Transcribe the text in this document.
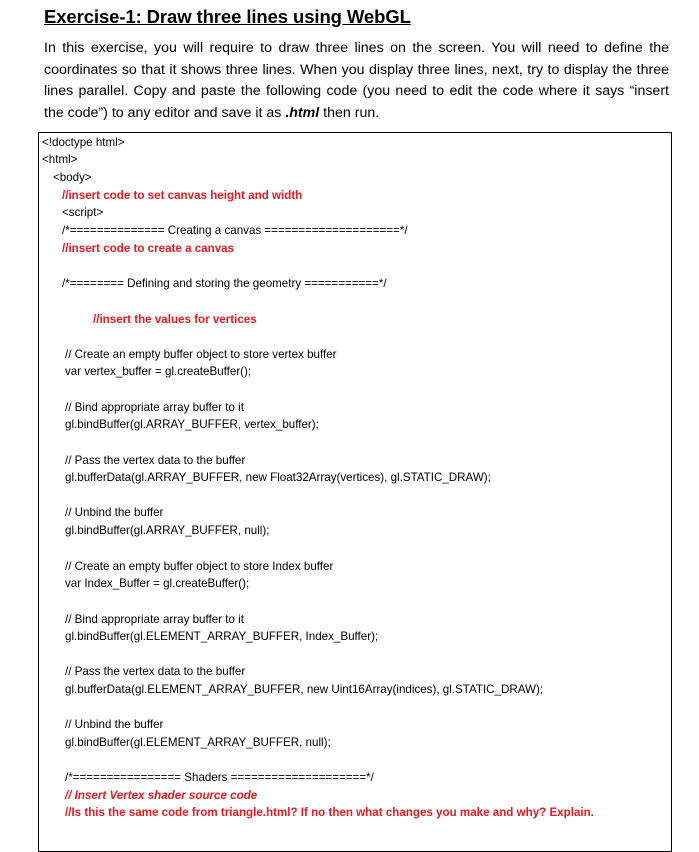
Exercise-1: Draw three lines using WebGL

In this exercise, you will require to draw three lines on the screen. You will need to define the coordinates so that it shows three lines. When you display three lines, next, try to display the three lines parallel. Copy and paste the following code (you need to edit the code where it says “insert the code”) to any editor and save it as .html then run.

<!doctype html>
<html>
<body>
//insert code to set canvas height and width
<script>
/*============== Creating a canvas ====================*/
//insert code to create a canvas
/*======== Defining and storing the geometry ===========*/
//insert the values for vertices
// Create an empty buffer object to store vertex buffer
var vertex_buffer = gl.createBuffer();
// Bind appropriate array buffer to it
gl.bindBuffer(gl.ARRAY_BUFFER, vertex_buffer);
// Pass the vertex data to the buffer
gl.bufferData(gl.ARRAY_BUFFER, new Float32Array(vertices), gl.STATIC_DRAW);
// Unbind the buffer
gl.bindBuffer(gl.ARRAY_BUFFER, null);
// Create an empty buffer object to store Index buffer
var Index_Buffer = gl.createBuffer();
// Bind appropriate array buffer to it
gl.bindBuffer(gl.ELEMENT_ARRAY_BUFFER, Index_Buffer);
// Pass the vertex data to the buffer
gl.bufferData(gl.ELEMENT_ARRAY_BUFFER, new Uint16Array(indices), gl.STATIC_DRAW);
// Unbind the buffer
gl.bindBuffer(gl.ELEMENT_ARRAY_BUFFER, null);
/*================ Shaders ====================*/
// Insert Vertex shader source code
//Is this the same code from triangle.html? If no then what changes you make and why? Explain.
